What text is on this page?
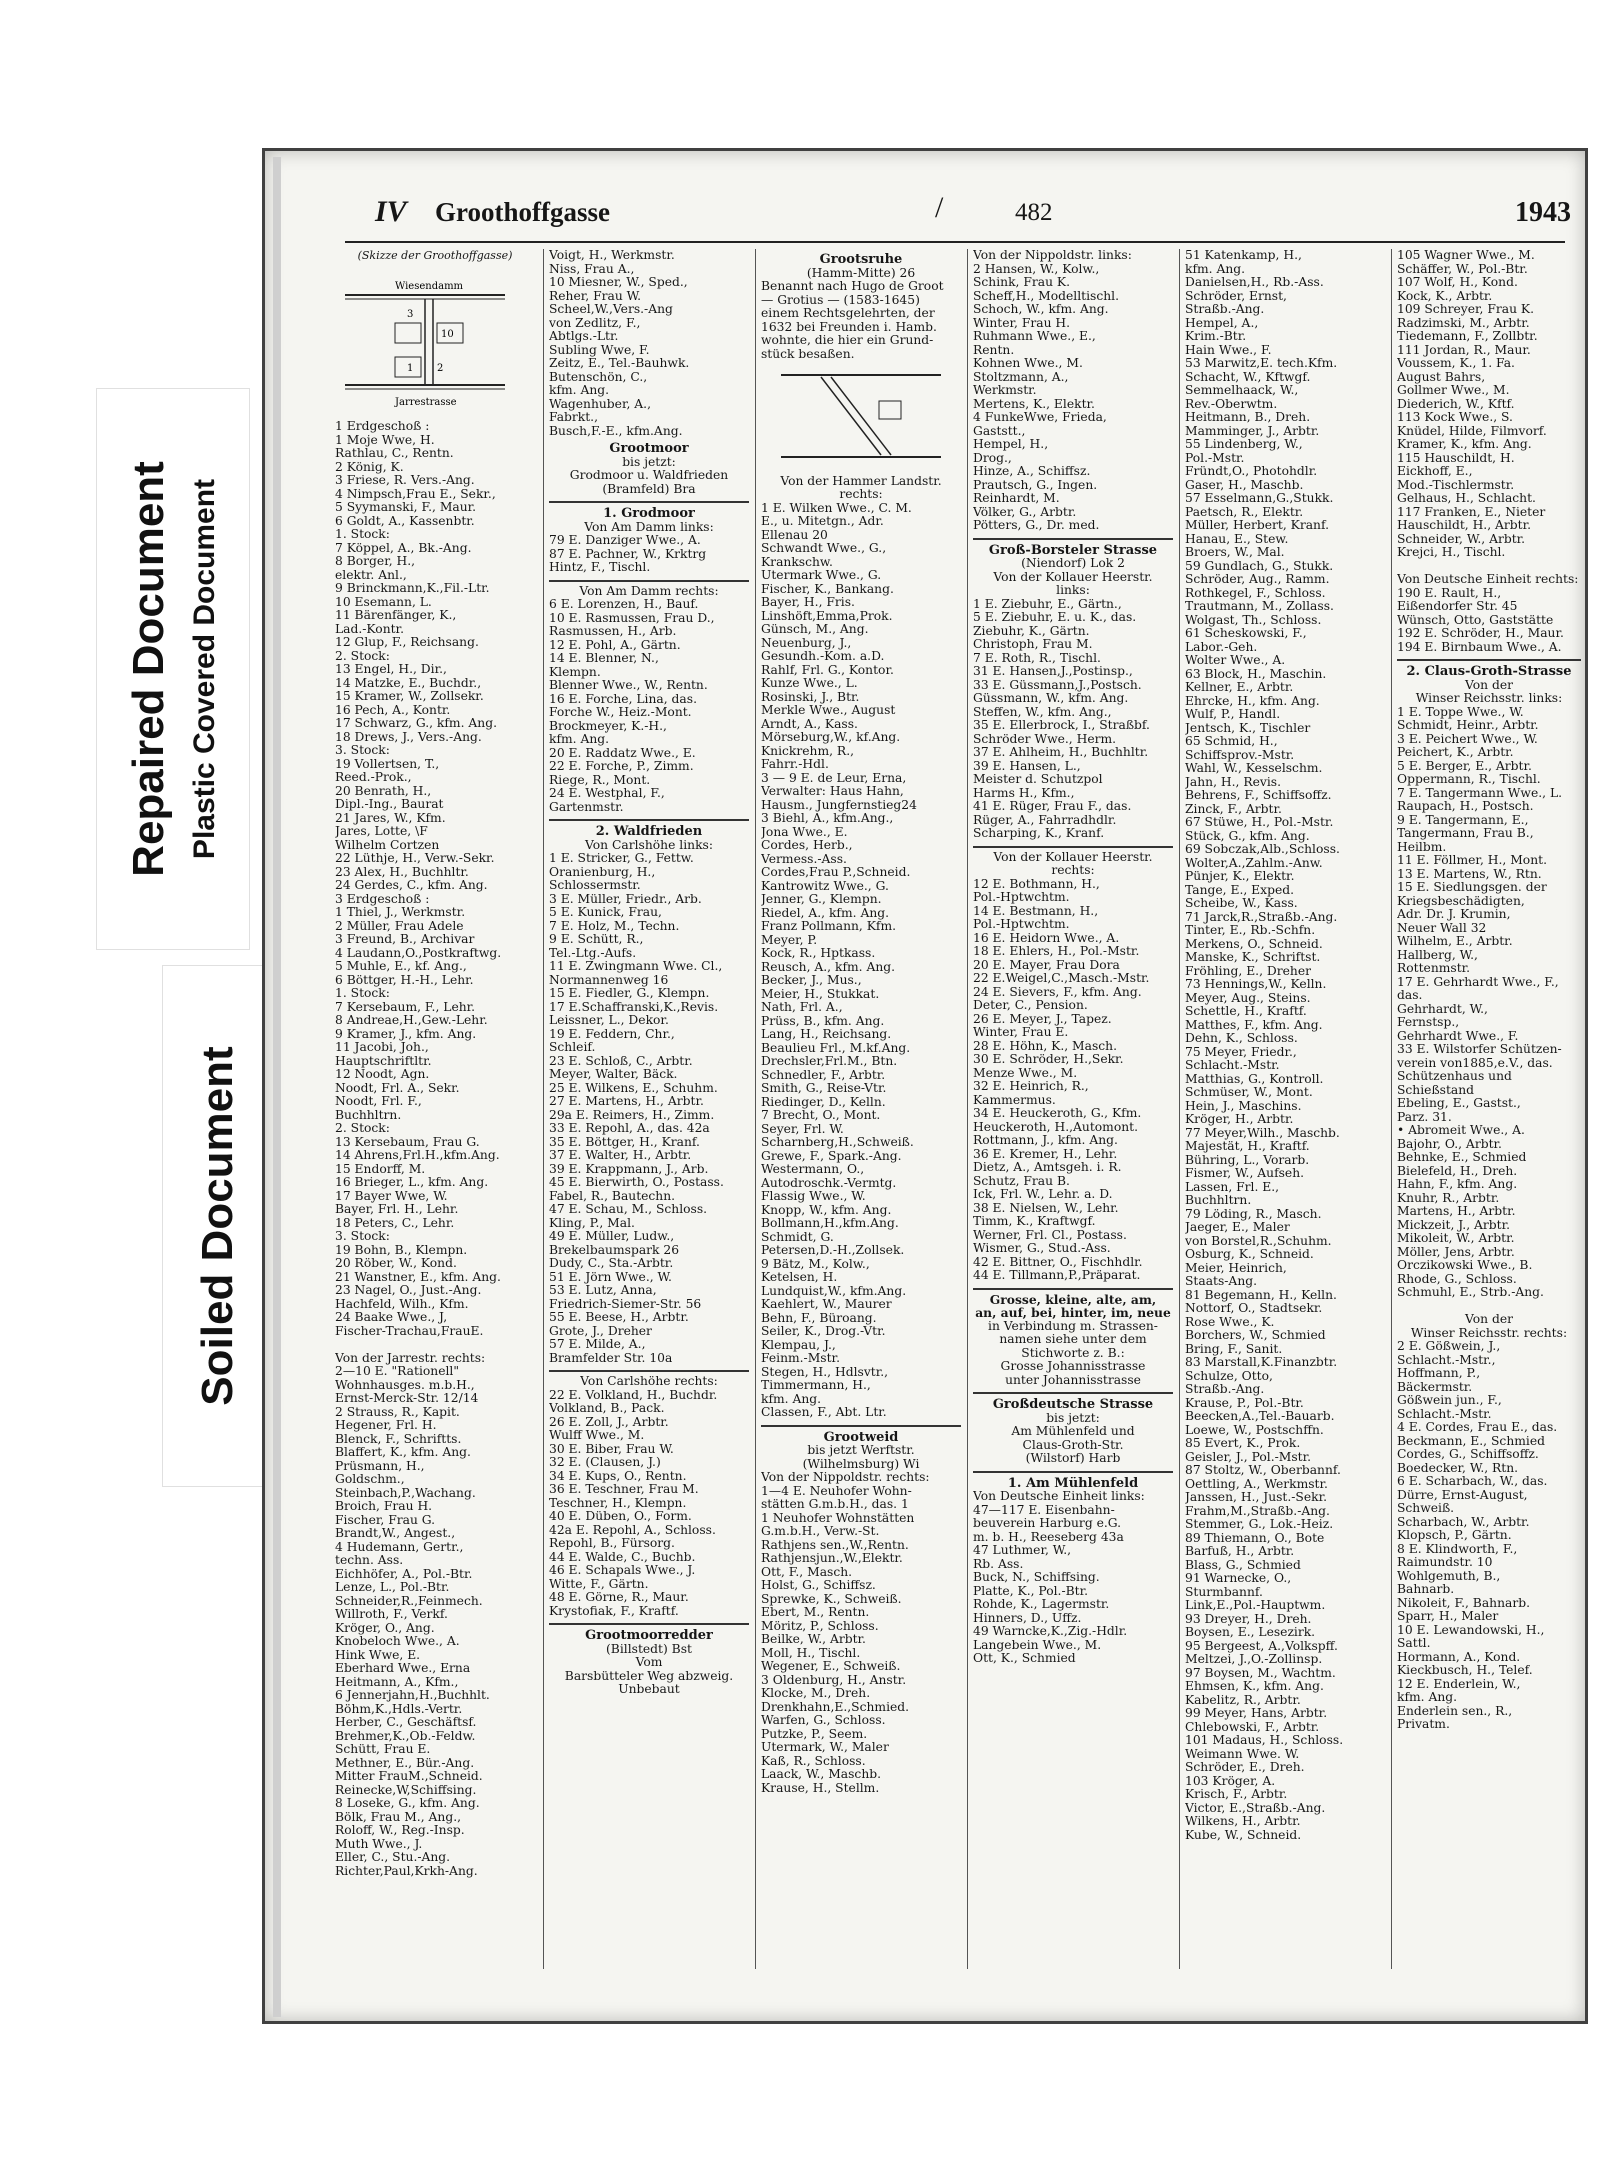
Repaired Document Plastic Covered Document
Soiled Document
IV Groothoffgasse	/	482	1943
(Skizze der Groothoffgasse)
Wiesendamm
Jarrestrasse
10
1 2
3
1 Erdgeschoß :
1 Moje Wwe, H.
Rathlau, C., Rentn.
2 König, K.
3 Friese, R. Vers.-Ang.
4 Nimpsch,Frau E., Sekr.,
5 Syymanski, F., Maur.
6 Goldt, A., Kassenbtr.
1. Stock:
7 Köppel, A., Bk.-Ang.
8 Borger, H.,
elektr. Anl.,
9 Brinckmann,K.,Fil.-Ltr.
10 Esemann, L.
11 Bärenfänger, K.,
Lad.-Kontr.
12 Glup, F., Reichsang.
2. Stock:
13 Engel, H., Dir.,
14 Matzke, E., Buchdr.,
15 Kramer, W., Zollsekr.
16 Pech, A., Kontr.
17 Schwarz, G., kfm. Ang.
18 Drews, J., Vers.-Ang.
3. Stock:
19 Vollertsen, T.,
Reed.-Prok.,
20 Benrath, H.,
Dipl.-Ing., Baurat
21 Jares, W., Kfm.
Jares, Lotte, \F
Wilhelm Cortzen
22 Lüthje, H., Verw.-Sekr.
23 Alex, H., Buchhltr.
24 Gerdes, C., kfm. Ang.
3 Erdgeschoß :
1 Thiel, J., Werkmstr.
2 Müller, Frau Adele
3 Freund, B., Archivar
4 Laudann,O.,Postkraftwg.
5 Muhle, E., kf. Ang.,
6 Böttger, H.-H., Lehr.
1. Stock:
7 Kersebaum, F., Lehr.
8 Andreae,H.,Gew.-Lehr.
9 Kramer, J., kfm. Ang.
11 Jacobi, Joh.,
Hauptschriftltr.
12 Noodt, Agn.
Noodt, Frl. A., Sekr.
Noodt, Frl. F.,
Buchhltrn.
2. Stock:
13 Kersebaum, Frau G.
14 Ahrens,Frl.H.,kfm.Ang.
15 Endorff, M.
16 Brieger, L., kfm. Ang.
17 Bayer Wwe, W.
Bayer, Frl. H., Lehr.
18 Peters, C., Lehr.
3. Stock:
19 Bohn, B., Klempn.
20 Röber, W., Kond.
21 Wanstner, E., kfm. Ang.
23 Nagel, O., Just.-Ang.
Hachfeld, Wilh., Kfm.
24 Baake Wwe., J,
Fischer-Trachau,FrauE.
Von der Jarrestr. rechts:
2—10 E. "Rationell"
Wohnhausges. m.b.H.,
Ernst-Merck-Str. 12/14
2 Strauss, R., Kapit.
Hegener, Frl. H.
Blenck, F., Schriftts.
Blaffert, K., kfm. Ang.
Prüsmann, H.,
Goldschm.,
Steinbach,P.,Wachang.
Broich, Frau H.
Fischer, Frau G.
Brandt,W., Angest.,
4 Hudemann, Gertr.,
techn. Ass.
Eichhöfer, A., Pol.-Btr.
Lenze, L., Pol.-Btr.
Schneider,R.,Feinmech.
Willroth, F., Verkf.
Kröger, O., Ang.
Knobeloch Wwe., A.
Hink Wwe, E.
Eberhard Wwe., Erna
Heitmann, A., Kfm.,
6 Jennerjahn,H.,Buchhlt.
Böhm,K.,Hdls.-Vertr.
Herber, C., Geschäftsf.
Brehmer,K.,Ob.-Feldw.
Schütt, Frau E.
Methner, E., Bür.-Ang.
Mitter FrauM.,Schneid.
Reinecke,W,Schiffsing.
8 Loseke, G., kfm. Ang.
Bölk, Frau M., Ang.,
Roloff, W., Reg.-Insp.
Muth Wwe., J.
Eller, C., Stu.-Ang.
Richter,Paul,Krkh-Ang.
Voigt, H., Werkmstr.
Niss, Frau A.,
10 Miesner, W., Sped.,
Reher, Frau W.
Scheel,W.,Vers.-Ang
von Zedlitz, F.,
Abtlgs.-Ltr.
Subling Wwe, F.
Zeitz, E., Tel.-Bauhwk.
Butenschön, C.,
kfm. Ang.
Wagenhuber, A.,
Fabrkt.,
Busch,F.-E., kfm.Ang.
Grootmoor
bis jetzt:
Grodmoor u. Waldfrieden
(Bramfeld) Bra
1. Grodmoor
Von Am Damm links:
79 E. Danziger Wwe., A.
87 E. Pachner, W., Krktrg
Hintz, F., Tischl.
Von Am Damm rechts:
6 E. Lorenzen, H., Bauf.
10 E. Rasmussen, Frau D.,
Rasmussen, H., Arb.
12 E. Pohl, A., Gärtn.
14 E. Blenner, N.,
Klempn.
Blenner Wwe., W., Rentn.
16 E. Forche, Lina, das.
Forche W., Heiz.-Mont.
Brockmeyer, K.-H.,
kfm. Ang.
20 E. Raddatz Wwe., E.
22 E. Forche, P., Zimm.
Riege, R., Mont.
24 E. Westphal, F.,
Gartenmstr.
2. Waldfrieden
Von Carlshöhe links:
1 E. Stricker, G., Fettw.
Oranienburg, H.,
Schlossermstr.
3 E. Müller, Friedr., Arb.
5 E. Kunick, Frau,
7 E. Holz, M., Techn.
9 E. Schütt, R.,
Tel.-Ltg.-Aufs.
11 E. Zwingmann Wwe. Cl.,
Normannenweg 16
15 E. Fiedler, G., Klempn.
17 E.Schaffranski,K.,Revis.
Leissner, L., Dekor.
19 E. Feddern, Chr.,
Schleif.
23 E. Schloß, C., Arbtr.
Meyer, Walter, Bäck.
25 E. Wilkens, E., Schuhm.
27 E. Martens, H., Arbtr.
29a E. Reimers, H., Zimm.
33 E. Repohl, A., das. 42a
35 E. Böttger, H., Kranf.
37 E. Walter, H., Arbtr.
39 E. Krappmann, J., Arb.
45 E. Bierwirth, O., Postass.
Fabel, R., Bautechn.
47 E. Schau, M., Schloss.
Kling, P., Mal.
49 E. Müller, Ludw.,
Brekelbaumspark 26
Dudy, C., Sta.-Arbtr.
51 E. Jörn Wwe., W.
53 E. Lutz, Anna,
Friedrich-Siemer-Str. 56
55 E. Beese, H., Arbtr.
Grote, J., Dreher
57 E. Milde, A.,
Bramfelder Str. 10a
Von Carlshöhe rechts:
22 E. Volkland, H., Buchdr.
Volkland, B., Pack.
26 E. Zoll, J., Arbtr.
Wulff Wwe., M.
30 E. Biber, Frau W.
32 E. (Clausen, J.)
34 E. Kups, O., Rentn.
36 E. Teschner, Frau M.
Teschner, H., Klempn.
40 E. Düben, O., Form.
42a E. Repohl, A., Schloss.
Repohl, B., Fürsorg.
44 E. Walde, C., Buchb.
46 E. Schapals Wwe., J.
Witte, F., Gärtn.
48 E. Görne, R., Maur.
Krystofiak, F., Kraftf.
Grootmoorredder
(Billstedt) Bst
Vom
Barsbütteler Weg abzweig.
Unbebaut
Grootsruhe
(Hamm-Mitte) 26
Benannt nach Hugo de Groot
— Grotius — (1583-1645)
einem Rechtsgelehrten, der
1632 bei Freunden i. Hamb.
wohnte, die hier ein Grund-
stück besaßen.
Von der Hammer Landstr.
rechts:
1 E. Wilken Wwe., C. M.
E., u. Mitetgn., Adr.
Ellenau 20
Schwandt Wwe., G.,
Krankschw.
Utermark Wwe., G.
Fischer, K., Bankang.
Bayer, H., Fris.
Linshöft,Emma,Prok.
Günsch, M., Ang.
Neuenburg, J.,
Gesundh.-Kom. a.D.
Rahlf, Frl. G., Kontor.
Kunze Wwe., L.
Rosinski, J., Btr.
Merkle Wwe., August
Arndt, A., Kass.
Mörseburg,W., kf.Ang.
Knickrehm, R.,
Fahrr.-Hdl.
3 — 9 E. de Leur, Erna,
Verwalter: Haus Hahn,
Hausm., Jungfernstieg24
3 Biehl, A., kfm.Ang.,
Jona Wwe., E.
Cordes, Herb.,
Vermess.-Ass.
Cordes,Frau P.,Schneid.
Kantrowitz Wwe., G.
Jenner, G., Klempn.
Riedel, A., kfm. Ang.
Franz Pollmann, Kfm.
Meyer, P.
Kock, R., Hptkass.
Reusch, A., kfm. Ang.
Becker, J., Mus.,
Meier, H., Stukkat.
Nath, Frl. A.,
Prüss, B., kfm. Ang.
Lang, H., Reichsang.
Beaulieu Frl., M.kf.Ang.
Drechsler,Frl.M., Btn.
Schnedler, F., Arbtr.
Smith, G., Reise-Vtr.
Riedinger, D., Kelln.
7 Brecht, O., Mont.
Seyer, Frl. W.
Scharnberg,H.,Schweiß.
Grewe, F., Spark.-Ang.
Westermann, O.,
Autodroschk.-Vermtg.
Flassig Wwe., W.
Knopp, W., kfm. Ang.
Bollmann,H.,kfm.Ang.
Schmidt, G.
Petersen,D.-H.,Zollsek.
9 Bätz, M., Kolw.,
Ketelsen, H.
Lundquist,W., kfm.Ang.
Kaehlert, W., Maurer
Behn, F., Büroang.
Seiler, K., Drog.-Vtr.
Klempau, J.,
Feinm.-Mstr.
Stegen, H., Hdlsvtr.,
Timmermann, H.,
kfm. Ang.
Classen, F., Abt. Ltr.
Grootweid
bis jetzt Werftstr.
(Wilhelmsburg) Wi
Von der Nippoldstr. rechts:
1—4 E. Neuhofer Wohn-
stätten G.m.b.H., das. 1
1 Neuhofer Wohnstätten
G.m.b.H., Verw.-St.
Rathjens sen.,W.,Rentn.
Rathjensjun.,W.,Elektr.
Ott, F., Masch.
Holst, G., Schiffsz.
Sprewke, K., Schweiß.
Ebert, M., Rentn.
Möritz, P., Schloss.
Beilke, W., Arbtr.
Moll, H., Tischl.
Wegener, E., Schweiß.
3 Oldenburg, H., Anstr.
Klocke, M., Dreh.
Drenkhahn,E.,Schmied.
Warfen, G., Schloss.
Putzke, P., Seem.
Utermark, W., Maler
Kaß, R., Schloss.
Laack, W., Maschb.
Krause, H., Stellm.
Von der Nippoldstr. links:
2 Hansen, W., Kolw.,
Schink, Frau K.
Scheff,H., Modelltischl.
Schoch, W., kfm. Ang.
Winter, Frau H.
Ruhmann Wwe., E.,
Rentn.
Kohnen Wwe., M.
Stoltzmann, A.,
Werkmstr.
Mertens, K., Elektr.
4 FunkeWwe, Frieda,
Gaststt.,
Hempel, H.,
Drog.,
Hinze, A., Schiffsz.
Prautsch, G., Ingen.
Reinhardt, M.
Völker, G., Arbtr.
Pötters, G., Dr. med.
Groß-Borsteler Strasse
(Niendorf) Lok 2
Von der Kollauer Heerstr.
links:
1 E. Ziebuhr, E., Gärtn.,
5 E. Ziebuhr, E. u. K., das.
Ziebuhr, K., Gärtn.
Christoph, Frau M.
7 E. Roth, R., Tischl.
31 E. Hansen,J.,Postinsp.,
33 E. Güssmann,J.,Postsch.
Güssmann, W., kfm. Ang.
Steffen, W., kfm. Ang.,
35 E. Ellerbrock, I., Straßbf.
Schröder Wwe., Herm.
37 E. Ahlheim, H., Buchhltr.
39 E. Hansen, L.,
Meister d. Schutzpol
Harms H., Kfm.,
41 E. Rüger, Frau F., das.
Rüger, A., Fahrradhdlr.
Scharping, K., Kranf.
Von der Kollauer Heerstr.
rechts:
12 E. Bothmann, H.,
Pol.-Hptwchtm.
14 E. Bestmann, H.,
Pol.-Hptwchtm.
16 E. Heidorn Wwe., A.
18 E. Ehlers, H., Pol.-Mstr.
20 E. Mayer, Frau Dora
22 E.Weigel,C.,Masch.-Mstr.
24 E. Sievers, F., kfm. Ang.
Deter, C., Pension.
26 E. Meyer, J., Tapez.
Winter, Frau E.
28 E. Höhn, K., Masch.
30 E. Schröder, H.,Sekr.
Menze Wwe., M.
32 E. Heinrich, R.,
Kammermus.
34 E. Heuckeroth, G., Kfm.
Heuckeroth, H.,Automont.
Rottmann, J., kfm. Ang.
36 E. Kremer, H., Lehr.
Dietz, A., Amtsgeh. i. R.
Schutz, Frau B.
Ick, Frl. W., Lehr. a. D.
38 E. Nielsen, W., Lehr.
Timm, K., Kraftwgf.
Werner, Frl. Cl., Postass.
Wismer, G., Stud.-Ass.
42 E. Bittner, O., Fischhdlr.
44 E. Tillmann,P.,Präparat.
Grosse, kleine, alte, am,
an, auf, bei, hinter, im, neue
in Verbindung m. Strassen-
namen siehe unter dem
Stichworte z. B.:
Grosse Johannisstrasse
unter Johannisstrasse
Großdeutsche Strasse
bis jetzt:
Am Mühlenfeld und
Claus-Groth-Str.
(Wilstorf) Harb
1. Am Mühlenfeld
Von Deutsche Einheit links:
47—117 E. Eisenbahn-
beuverein Harburg e.G.
m. b. H., Reeseberg 43a
47 Luthmer, W.,
Rb. Ass.
Buck, N., Schiffsing.
Platte, K., Pol.-Btr.
Rohde, K., Lagermstr.
Hinners, D., Uffz.
49 Warncke,K.,Zig.-Hdlr.
Langebein Wwe., M.
Ott, K., Schmied
51 Katenkamp, H.,
kfm. Ang.
Danielsen,H., Rb.-Ass.
Schröder, Ernst,
Straßb.-Ang.
Hempel, A.,
Krim.-Btr.
Hain Wwe., F.
53 Marwitz,E. tech.Kfm.
Schacht, W., Kftwgf.
Semmelhaack, W.,
Rev.-Oberwtm.
Heitmann, B., Dreh.
Mamminger, J., Arbtr.
55 Lindenberg, W.,
Pol.-Mstr.
Fründt,O., Photohdlr.
Gaser, H., Maschb.
57 Esselmann,G.,Stukk.
Paetsch, R., Elektr.
Müller, Herbert, Kranf.
Hanau, E., Stew.
Broers, W., Mal.
59 Gundlach, G., Stukk.
Schröder, Aug., Ramm.
Rothkegel, F., Schloss.
Trautmann, M., Zollass.
Wolgast, Th., Schloss.
61 Scheskowski, F.,
Labor.-Geh.
Wolter Wwe., A.
63 Block, H., Maschin.
Kellner, E., Arbtr.
Ehrcke, H., kfm. Ang.
Wulf, P., Handl.
Jentsch, K., Tischler
65 Schmid, H.,
Schiffsprov.-Mstr.
Wahl, W., Kesselschm.
Jahn, H., Revis.
Behrens, F., Schiffsoffz.
Zinck, F., Arbtr.
67 Stüwe, H., Pol.-Mstr.
Stück, G., kfm. Ang.
69 Sobczak,Alb.,Schloss.
Wolter,A.,Zahlm.-Anw.
Pünjer, K., Elektr.
Tange, E., Exped.
Scheibe, W., Kass.
71 Jarck,R.,Straßb.-Ang.
Tinter, E., Rb.-Schfn.
Merkens, O., Schneid.
Manske, K., Schriftst.
Fröhling, E., Dreher
73 Hennings,W., Kelln.
Meyer, Aug., Steins.
Schettle, H., Kraftf.
Matthes, F., kfm. Ang.
Dehn, K., Schloss.
75 Meyer, Friedr.,
Schlacht.-Mstr.
Matthias, G., Kontroll.
Schmüser, W., Mont.
Hein, J., Maschins.
Kröger, H., Arbtr.
77 Meyer,Wilh., Maschb.
Majestät, H., Kraftf.
Bühring, L., Vorarb.
Fismer, W., Aufseh.
Lassen, Frl. E.,
Buchhltrn.
79 Löding, R., Masch.
Jaeger, E., Maler
von Borstel,R.,Schuhm.
Osburg, K., Schneid.
Meier, Heinrich,
Staats-Ang.
81 Begemann, H., Kelln.
Nottorf, O., Stadtsekr.
Rose Wwe., K.
Borchers, W., Schmied
Bring, F., Sanit.
83 Marstall,K.Finanzbtr.
Schulze, Otto,
Straßb.-Ang.
Krause, P., Pol.-Btr.
Beecken,A.,Tel.-Bauarb.
Loewe, W., Postschffn.
85 Evert, K., Prok.
Geisler, J., Pol.-Mstr.
87 Stoltz, W., Oberbannf.
Oettling, A., Werkmstr.
Janssen, H., Just.-Sekr.
Frahm,M.,Straßb.-Ang.
Stemmer, G., Lok.-Heiz.
89 Thiemann, O., Bote
Barfuß, H., Arbtr.
Blass, G., Schmied
91 Warnecke, O.,
Sturmbannf.
Link,E.,Pol.-Hauptwm.
93 Dreyer, H., Dreh.
Boysen, E., Lesezirk.
95 Bergeest, A.,Volkspff.
Meltzei, J.,O.-Zollinsp.
97 Boysen, M., Wachtm.
Ehmsen, K., kfm. Ang.
Kabelitz, R., Arbtr.
99 Meyer, Hans, Arbtr.
Chlebowski, F., Arbtr.
101 Madaus, H., Schloss.
Weimann Wwe. W.
Schröder, E., Dreh.
103 Kröger, A.
Krisch, F., Arbtr.
Victor, E.,Straßb.-Ang.
Wilkens, H., Arbtr.
Kube, W., Schneid.
105 Wagner Wwe., M.
Schäffer, W., Pol.-Btr.
107 Wolf, H., Kond.
Kock, K., Arbtr.
109 Schreyer, Frau K.
Radzimski, M., Arbtr.
Tiedemann, F., Zollbtr.
111 Jordan, R., Maur.
Voussem, K., 1. Fa.
August Bahrs,
Gollmer Wwe., M.
Diederich, W., Kftf.
113 Kock Wwe., S.
Knüdel, Hilde, Filmvorf.
Kramer, K., kfm. Ang.
115 Hauschildt, H.
Eickhoff, E.,
Mod.-Tischlermstr.
Gelhaus, H., Schlacht.
117 Franken, E., Nieter
Hauschildt, H., Arbtr.
Schneider, W., Arbtr.
Krejci, H., Tischl.
Von Deutsche Einheit rechts:
190 E. Rault, H.,
Eißendorfer Str. 45
Wünsch, Otto, Gaststätte
192 E. Schröder, H., Maur.
194 E. Birnbaum Wwe., A.
2. Claus-Groth-Strasse
Von der
Winser Reichsstr. links:
1 E. Toppe Wwe., W.
Schmidt, Heinr., Arbtr.
3 E. Peichert Wwe., W.
Peichert, K., Arbtr.
5 E. Berger, E., Arbtr.
Oppermann, R., Tischl.
7 E. Tangermann Wwe., L.
Raupach, H., Postsch.
9 E. Tangermann, E.,
Tangermann, Frau B.,
Heilbm.
11 E. Föllmer, H., Mont.
13 E. Martens, W., Rtn.
15 E. Siedlungsgen. der
Kriegsbeschädigten,
Adr. Dr. J. Krumin,
Neuer Wall 32
Wilhelm, E., Arbtr.
Hallberg, W.,
Rottenmstr.
17 E. Gehrhardt Wwe., F.,
das.
Gehrhardt, W.,
Fernstsp.,
Gehrhardt Wwe., F.
33 E. Wilstorfer Schützen-
verein von1885,e.V., das.
Schützenhaus und
Schießstand
Ebeling, E., Gastst.,
Parz. 31.
• Abromeit Wwe., A.
Bajohr, O., Arbtr.
Behnke, E., Schmied
Bielefeld, H., Dreh.
Hahn, F., kfm. Ang.
Knuhr, R., Arbtr.
Martens, H., Arbtr.
Mickzeit, J., Arbtr.
Mikoleit, W., Arbtr.
Möller, Jens, Arbtr.
Orczikowski Wwe., B.
Rhode, G., Schloss.
Schmuhl, E., Strb.-Ang.
Von der
Winser Reichsstr. rechts:
2 E. Gößwein, J.,
Schlacht.-Mstr.,
Hoffmann, P.,
Bäckermstr.
Gößwein jun., F.,
Schlacht.-Mstr.
4 E. Cordes, Frau E., das.
Beckmann, E., Schmied
Cordes, G., Schiffsoffz.
Boedecker, W., Rtn.
6 E. Scharbach, W., das.
Dürre, Ernst-August,
Schweiß.
Scharbach, W., Arbtr.
Klopsch, P., Gärtn.
8 E. Klindworth, F.,
Raimundstr. 10
Wohlgemuth, B.,
Bahnarb.
Nikoleit, F., Bahnarb.
Sparr, H., Maler
10 E. Lewandowski, H.,
Sattl.
Hormann, A., Kond.
Kieckbusch, H., Telef.
12 E. Enderlein, W.,
kfm. Ang.
Enderlein sen., R.,
Privatm.
